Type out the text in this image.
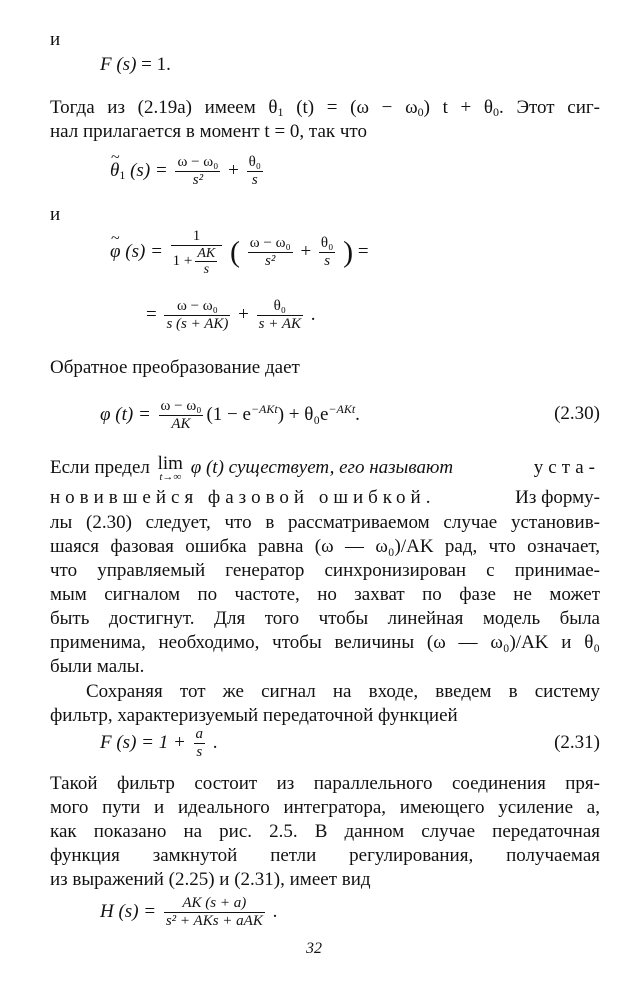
и
F (s) = 1.
Тогда из (2.19а) имеем $\theta_1$ $(t) = (\omega - \omega_0)$ $t + \theta_0$. Этот сиг-
нал прилагается в момент t = 0, так что
~ $\theta_1$ $(s) = \frac{\text{ω − ω₀}}{\text{s²}} + \frac{\text{θ₀}}{s}$
и
~ φ $(s) = \frac{1}{1 + \frac{AK}{s}}$ ( $\frac{\text{ω − ω₀}}{\text{s²}} + \frac{\text{θ₀}}{s}$ ) =
= $\frac{\text{ω − ω₀}}{s (s + AK)} + \frac{\text{θ₀}}{s + AK}$ .
Обратное преобразование дает
φ $(t) = \frac{\text{ω − ω₀}}{AK} (1 - e^{-AKt}) + \theta_0e^{-AKt}$.	(2.30)
Если предел lim
t→∞ φ (t) существует, его называют	уста-
новившейся фазовой ошибкой.	Из форму-
лы (2.30) следует, что в рассматриваемом случае установив-
шаяся фазовая ошибка равна (ω — ω₀)/AK рад, что означает,
что управляемый генератор синхронизирован с принимае-
мым сигналом по частоте, но захват по фазе не может
быть достигнут. Для того чтобы линейная модель была
применима, необходимо, чтобы величины (ω — ω₀)/AK и θ₀
были малы.
Сохраняя тот же сигнал на входе, введем в систему
фильтр, характеризуемый передаточной функцией
F $(s) = 1 + \frac{a}{s}$ .	(2.31)
Такой фильтр состоит из параллельного соединения пря-
мого пути и идеального интегратора, имеющего усиление a,
как показано на рис. 2.5. В данном случае передаточная
функция замкнутой петли регулирования, получаемая
из выражений (2.25) и (2.31), имеет вид
H $(s) = \frac{AK (s + a)}{\text{s² + AKs + aAK}}$ .
32
